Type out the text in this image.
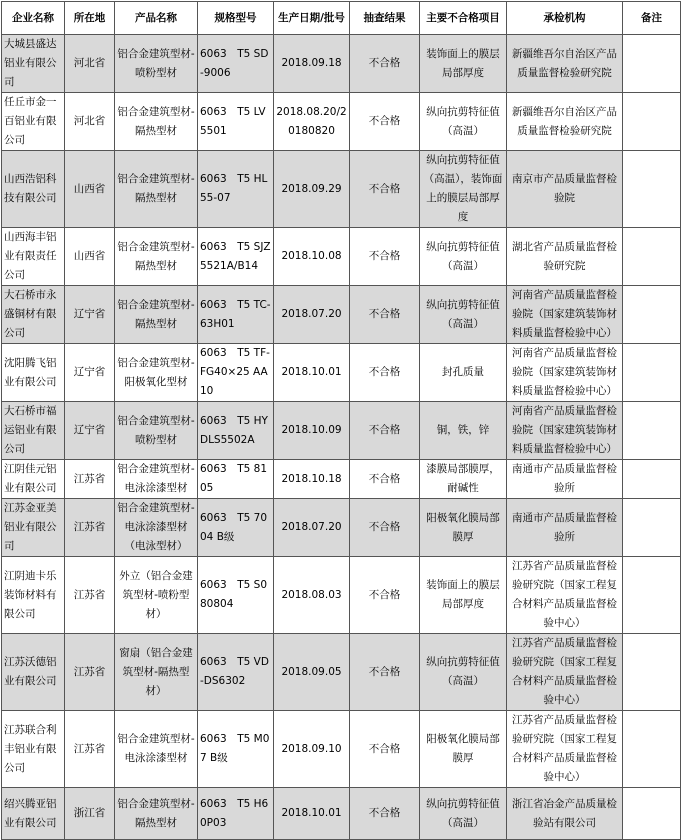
企业名称	所在地	产品名称	规格型号	生产日期/批号	抽查结果	主要不合格项目	承检机构	备注
大城县盛达铝业有限公司	河北省	铝合金建筑型材-喷粉型材	6063　T5 SD-9006	2018.09.18	不合格	装饰面上的膜层局部厚度	新疆维吾尔自治区产品质量监督检验研究院	
任丘市金一百铝业有限公司	河北省	铝合金建筑型材-隔热型材	6063　T5 LV5501	2018.08.20/20180820	不合格	纵向抗剪特征值（高温）	新疆维吾尔自治区产品质量监督检验研究院	
山西浩铝科技有限公司	山西省	铝合金建筑型材-隔热型材	6063　T5 HL55-07	2018.09.29	不合格	纵向抗剪特征值（高温），装饰面上的膜层局部厚度	南京市产品质量监督检验院	
山西海丰铝业有限责任公司	山西省	铝合金建筑型材-隔热型材	6063　T5 SJZ5521A/B14	2018.10.08	不合格	纵向抗剪特征值（高温）	湖北省产品质量监督检验研究院	
大石桥市永盛铜材有限公司	辽宁省	铝合金建筑型材-隔热型材	6063　T5 TC-63H01	2018.07.20	不合格	纵向抗剪特征值（高温）	河南省产品质量监督检验院（国家建筑装饰材料质量监督检验中心）	
沈阳腾飞铝业有限公司	辽宁省	铝合金建筑型材-阳极氧化型材	6063　T5 TF-FG40×25 AA10	2018.10.01	不合格	封孔质量	河南省产品质量监督检验院（国家建筑装饰材料质量监督检验中心）	
大石桥市福运铝业有限公司	辽宁省	铝合金建筑型材-喷粉型材	6063　T5 HYDLS5502A	2018.10.09	不合格	铜，铁，锌	河南省产品质量监督检验院（国家建筑装饰材料质量监督检验中心）	
江阴佳元铝业有限公司	江苏省	铝合金建筑型材-电泳涂漆型材	6063　T5 8105	2018.10.18	不合格	漆膜局部膜厚，耐碱性	南通市产品质量监督检验所	
江苏金亚美铝业有限公司	江苏省	铝合金建筑型材-电泳涂漆型材（电泳型材）	6063　T5 7004 B级	2018.07.20	不合格	阳极氧化膜局部膜厚	南通市产品质量监督检验所	
江阴迪卡乐装饰材料有限公司	江苏省	外立（铝合金建筑型材-喷粉型材）	6063　T5 S080804	2018.08.03	不合格	装饰面上的膜层局部厚度	江苏省产品质量监督检验研究院（国家工程复合材料产品质量监督检验中心）	
江苏沃德铝业有限公司	江苏省	窗扇（铝合金建筑型材-隔热型材）	6063　T5 VD-DS6302	2018.09.05	不合格	纵向抗剪特征值（高温）	江苏省产品质量监督检验研究院（国家工程复合材料产品质量监督检验中心）	
江苏联合利丰铝业有限公司	江苏省	铝合金建筑型材-电泳涂漆型材	6063　T5 M07 B级	2018.09.10	不合格	阳极氧化膜局部膜厚	江苏省产品质量监督检验研究院（国家工程复合材料产品质量监督检验中心）	
绍兴腾亚铝业有限公司	浙江省	铝合金建筑型材-隔热型材	6063　T5 H60P03	2018.10.01	不合格	纵向抗剪特征值（高温）	浙江省冶金产品质量检验站有限公司	
